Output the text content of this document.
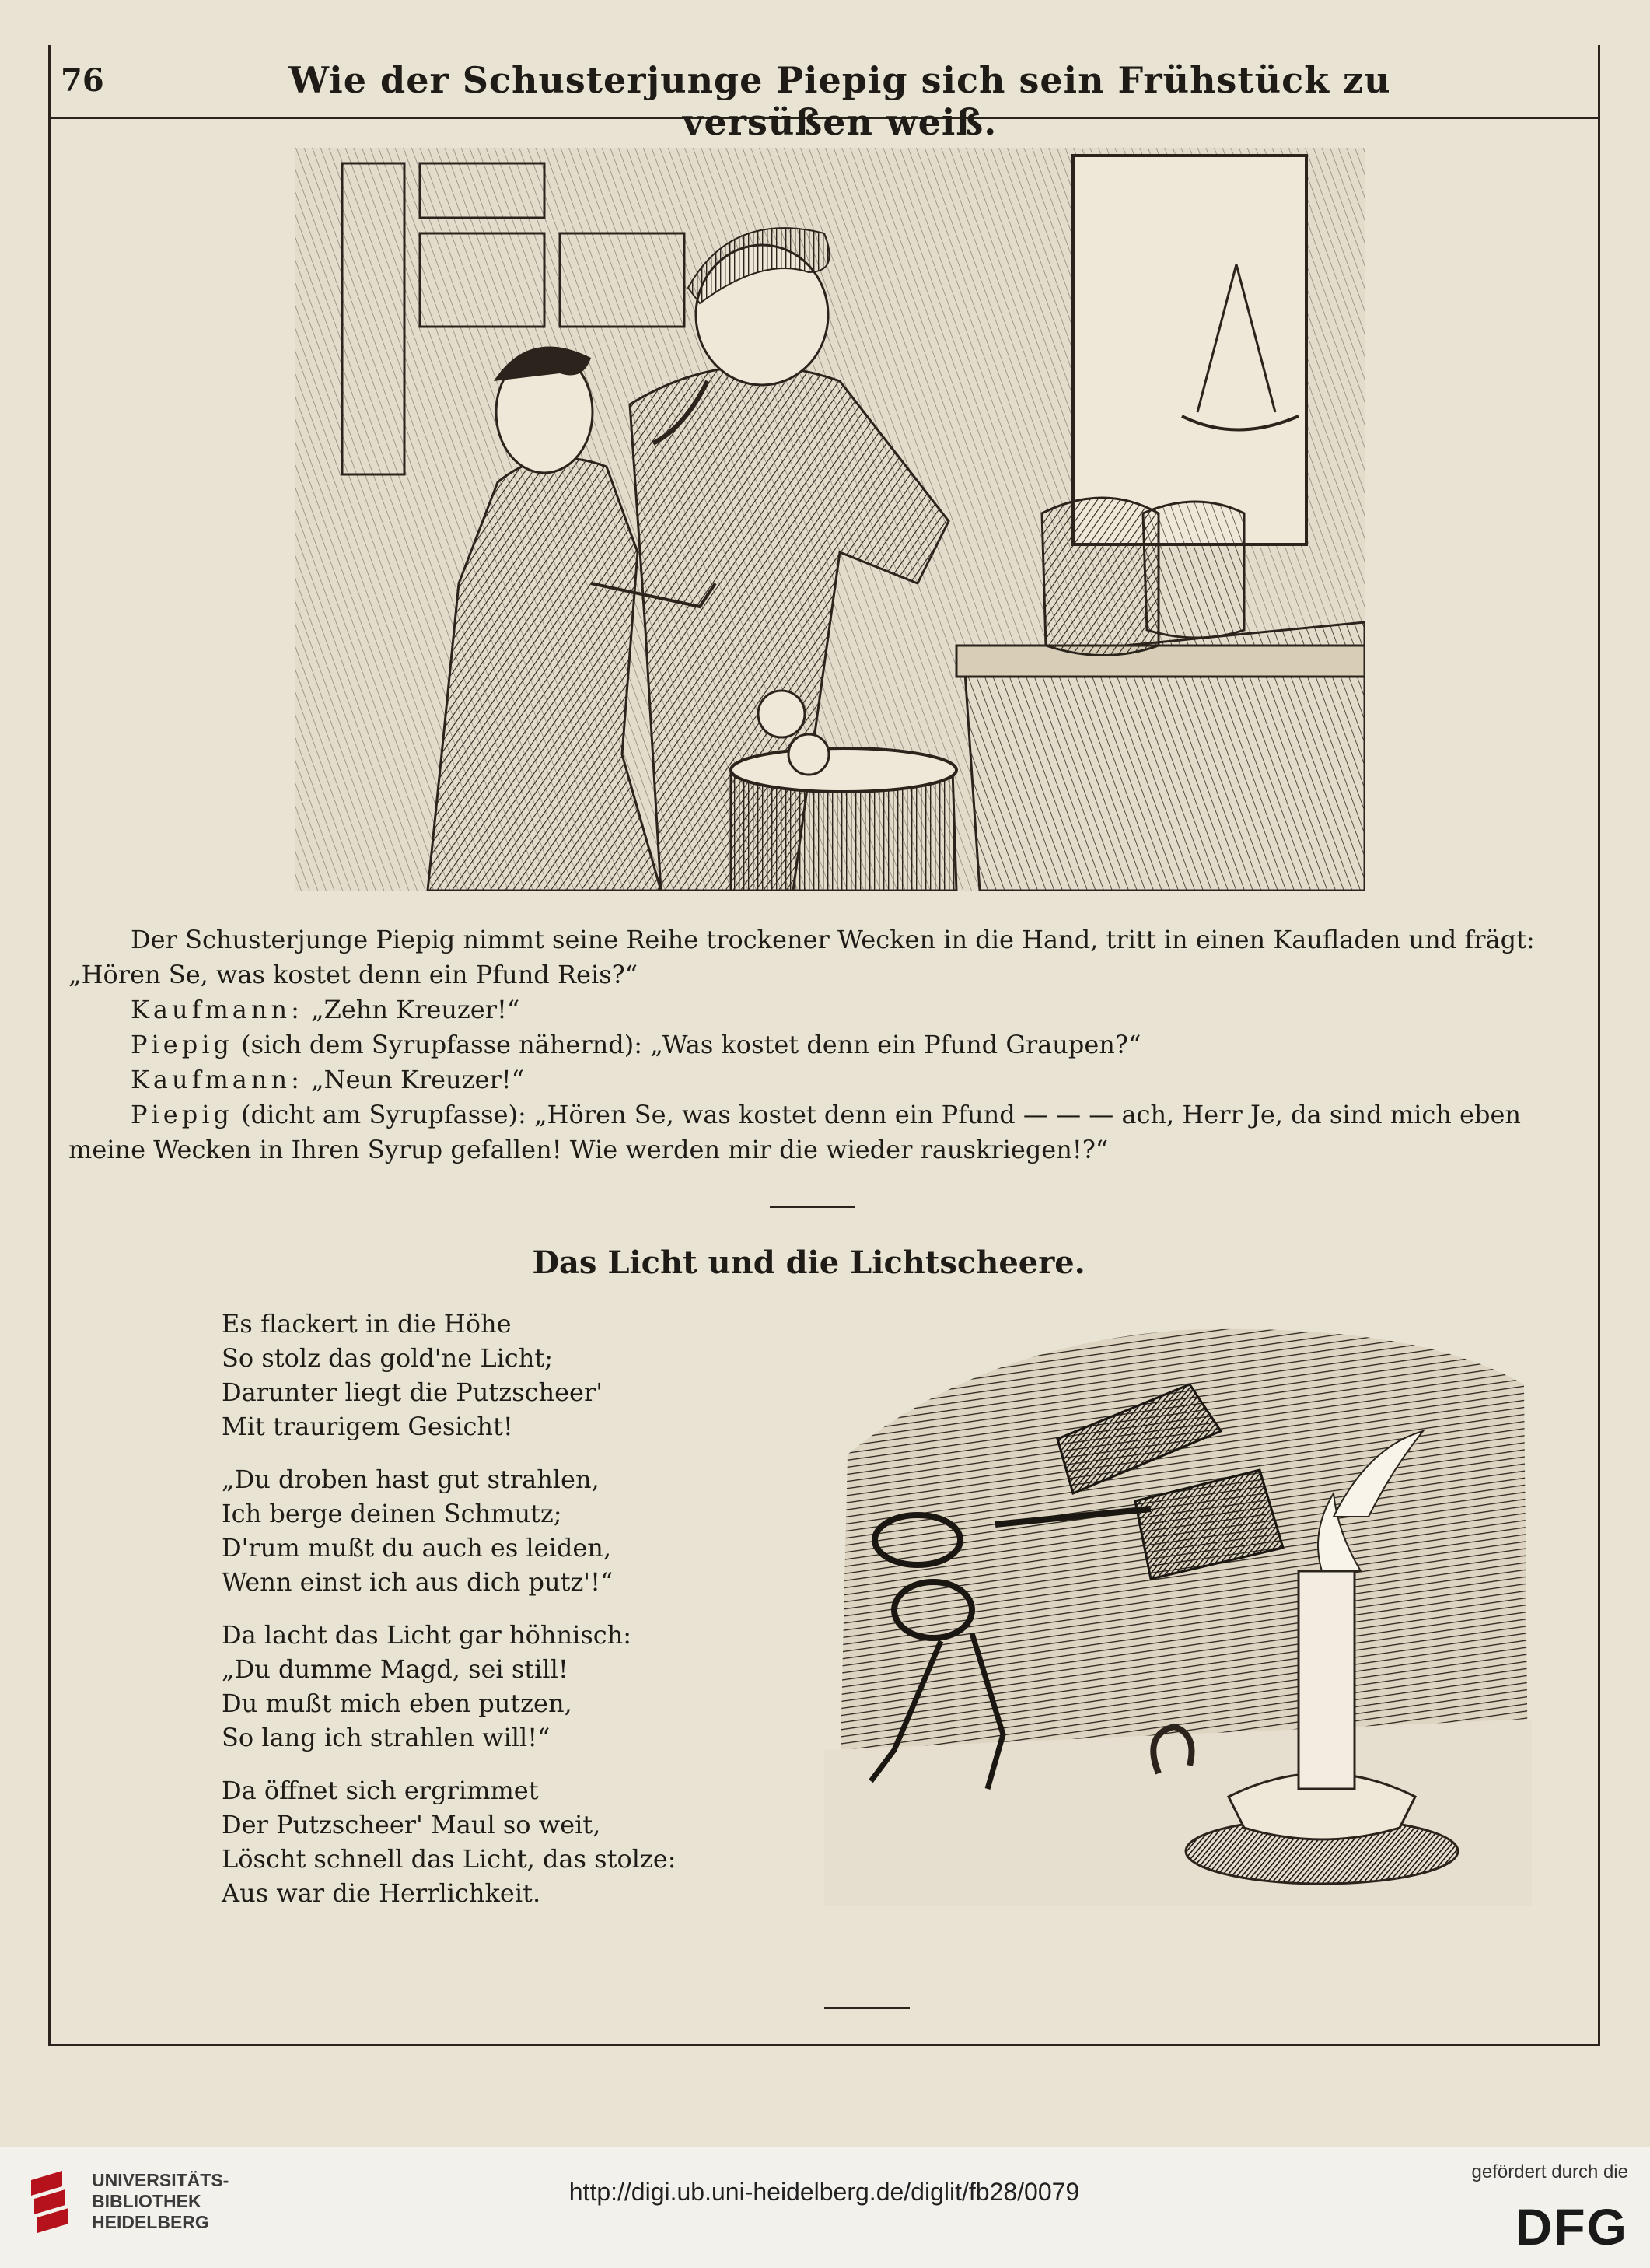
76	Wie der Schusterjunge Piepig sich sein Frühstück zu versüßen weiß.

Der Schusterjunge Piepig nimmt seine Reihe trockener Wecken in die Hand, tritt in einen Kaufladen und frägt: „Hören Se, was kostet denn ein Pfund Reis?“

Kaufmann: „Zehn Kreuzer!“

Piepig (sich dem Syrupfasse nähernd): „Was kostet denn ein Pfund Graupen?“

Kaufmann: „Neun Kreuzer!“

Piepig (dicht am Syrupfasse): „Hören Se, was kostet denn ein Pfund — — — ach, Herr Je, da sind mich eben meine Wecken in Ihren Syrup gefallen! Wie werden mir die wieder rauskriegen!?“

Das Licht und die Lichtscheere.
Es flackert in die Höhe
So stolz das gold'ne Licht;
Darunter liegt die Putzscheer'
Mit traurigem Gesicht!
„Du droben hast gut strahlen,
Ich berge deinen Schmutz;
D'rum mußt du auch es leiden,
Wenn einst ich aus dich putz'!“
Da lacht das Licht gar höhnisch:
„Du dumme Magd, sei still!
Du mußt mich eben putzen,
So lang ich strahlen will!“
Da öffnet sich ergrimmet
Der Putzscheer' Maul so weit,
Löscht schnell das Licht, das stolze:
Aus war die Herrlichkeit.
UNIVERSITÄTS-
BIBLIOTHEK
HEIDELBERG
http://digi.ub.uni-heidelberg.de/diglit/fb28/0079
gefördert durch die
DFG
